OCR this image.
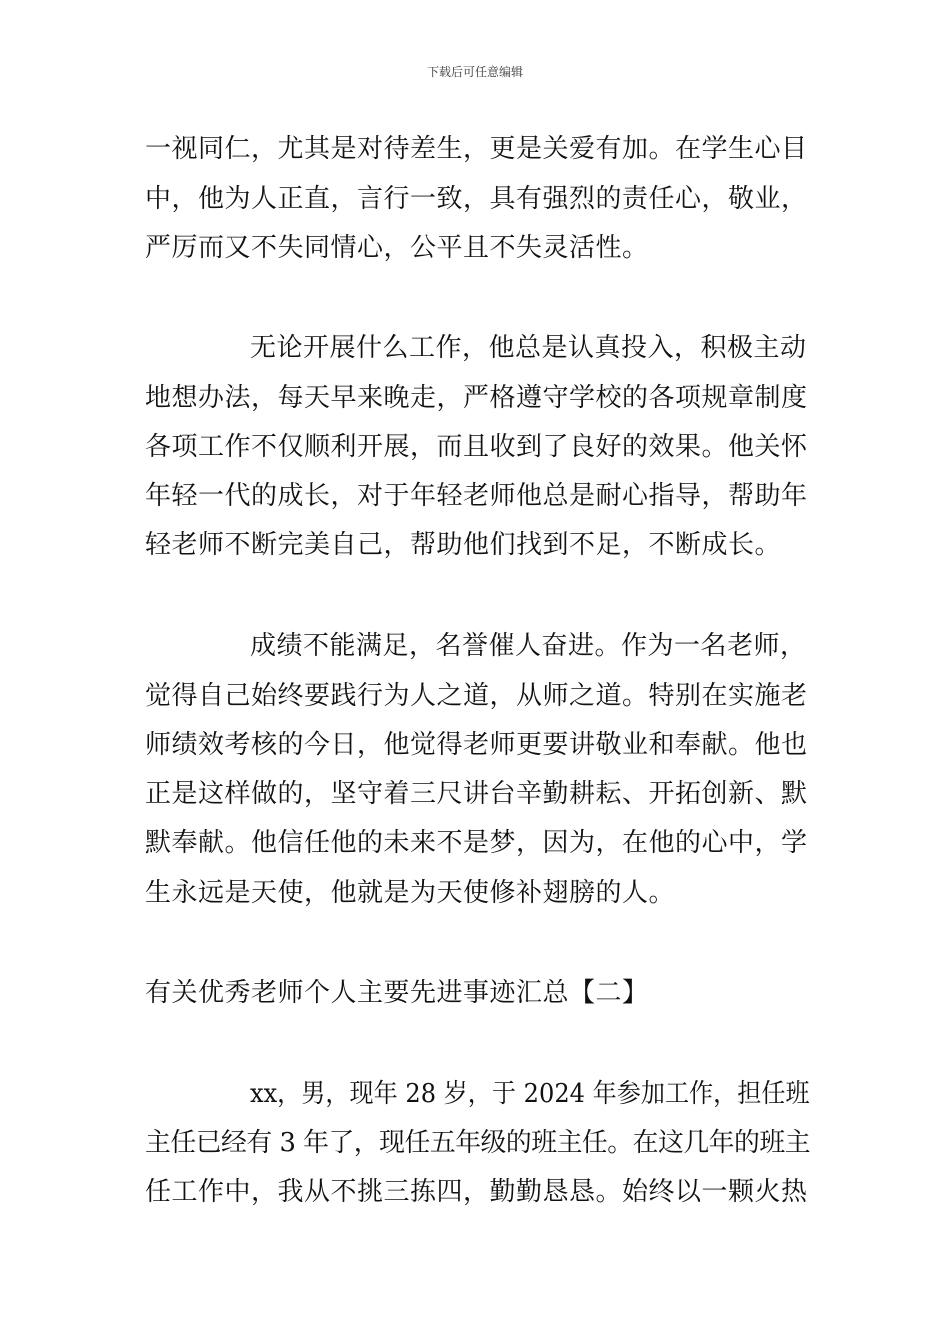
下载后可任意编辑
一视同仁，尤其是对待差生，更是关爱有加。在学生心目
中，他为人正直，言行一致，具有强烈的责任心，敬业，
严厉而又不失同情心，公平且不失灵活性。
无论开展什么工作，他总是认真投入，积极主动
地想办法，每天早来晚走，严格遵守学校的各项规章制度
各项工作不仅顺利开展，而且收到了良好的效果。他关怀
年轻一代的成长，对于年轻老师他总是耐心指导，帮助年
轻老师不断完美自己，帮助他们找到不足，不断成长。
成绩不能满足，名誉催人奋进。作为一名老师，
觉得自己始终要践行为人之道，从师之道。特别在实施老
师绩效考核的今日，他觉得老师更要讲敬业和奉献。他也
正是这样做的，坚守着三尺讲台辛勤耕耘、开拓创新、默
默奉献。他信任他的未来不是梦，因为，在他的心中，学
生永远是天使，他就是为天使修补翅膀的人。
有关优秀老师个人主要先进事迹汇总【二】
xx，男，现年 28 岁，于 2024 年参加工作，担任班
主任已经有 3 年了，现任五年级的班主任。在这几年的班主
任工作中，我从不挑三拣四，勤勤恳恳。始终以一颗火热
